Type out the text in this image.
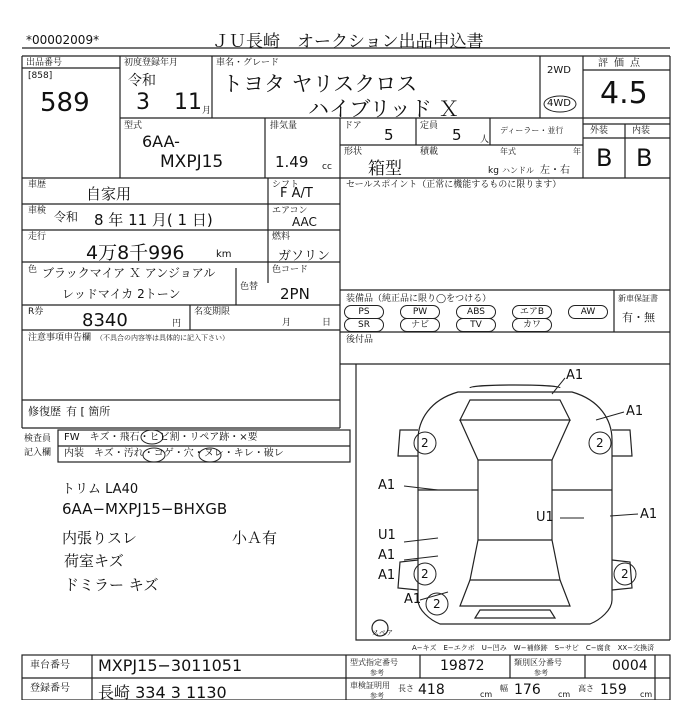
*00002009*	ＪＵ長崎　オークション出品申込書
出品番号
[858]
589
初度登録年月
令和
3 11 月
車名・グレード
トヨタ ヤリスクロス
ハイブリッド Ｘ
2WD
4WD
評価点
4.5
型式
6AA-
MXPJ15
排気量
1.49 cc
ドア 5	定員 5 人
ディーラー・並行
年式	年
形状
箱型
積載
kg ハンドル 左・右
外装	内装
B B
車歴	自家用	シフト
F A/T
車検 令和 8 年 11 月( 1 日)	エアコン
AAC
走行
4万8千996	km
燃料
ガソリン
色 ブラックマイア Ｘ アンジョアル
レッドマイカ 2トーン	色替
色コード
2PN
R券 8340	円
名変期限
月	日
注意事項申告欄 （不具合の内容等は具体的に記入下さい）
修復歴 有 [ 箇所
セールスポイント（正常に機能するものに限ります）
装備品（純正品に限り◯をつける）
PS	PW	ABS	エアB	AW
SR	ナビ	TV	カワ
新車保証書
有・無
後付品
検査員
記入欄
FW　キズ・飛石・ヒビ割・リペア跡・×要
内装　キズ・汚れ・コゲ・穴・ヌレ・キレ・破レ
トリム LA40
6AA−MXPJ15−BHXGB
内張りスレ	小Ａ有
荷室キズ
ドミラー キズ
A1
A1
A1
A1
U1
A1
U1
A1
A1
2	2
2	2
2
スペア
A−キズ　E−エクボ　U−凹み　W−補修跡　S−サビ　C−腐食　XX−交換済
車台番号 MXPJ15−3011051
登録番号 長崎 334 3 1130
型式指定番号
参考	19872	類別区分番号
参考	0004
車検証明用
参考
長さ 418	cm
幅 176 cm
高さ 159 cm
